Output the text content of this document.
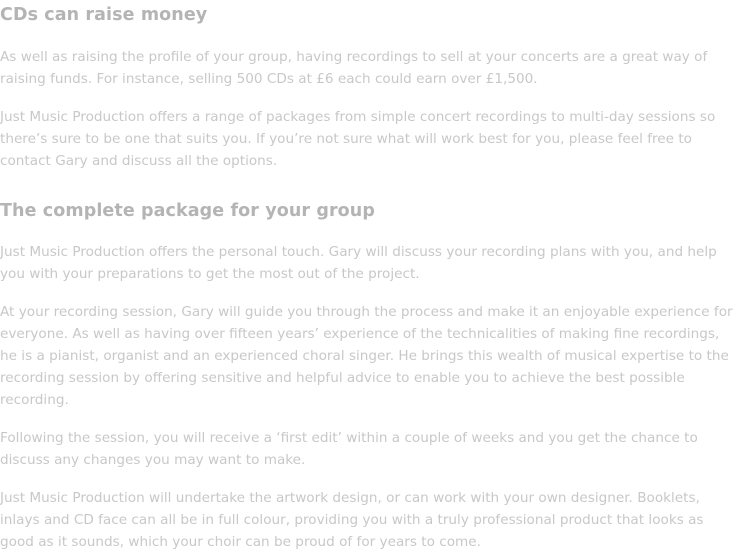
CDs can raise money

As well as raising the profile of your group, having recordings to sell at your concerts are a great way of raising funds. For instance, selling 500 CDs at £6 each could earn over £1,500.

Just Music Production offers a range of packages from simple concert recordings to multi-day sessions so there’s sure to be one that suits you. If you’re not sure what will work best for you, please feel free to contact Gary and discuss all the options.

The complete package for your group

Just Music Production offers the personal touch. Gary will discuss your recording plans with you, and help you with your preparations to get the most out of the project.

At your recording session, Gary will guide you through the process and make it an enjoyable experience for everyone. As well as having over fifteen years’ experience of the technicalities of making fine recordings, he is a pianist, organist and an experienced choral singer. He brings this wealth of musical expertise to the recording session by offering sensitive and helpful advice to enable you to achieve the best possible recording.

Following the session, you will receive a ‘first edit’ within a couple of weeks and you get the chance to discuss any changes you may want to make.

Just Music Production will undertake the artwork design, or can work with your own designer. Booklets, inlays and CD face can all be in full colour, providing you with a truly professional product that looks as good as it sounds, which your choir can be proud of for years to come.
